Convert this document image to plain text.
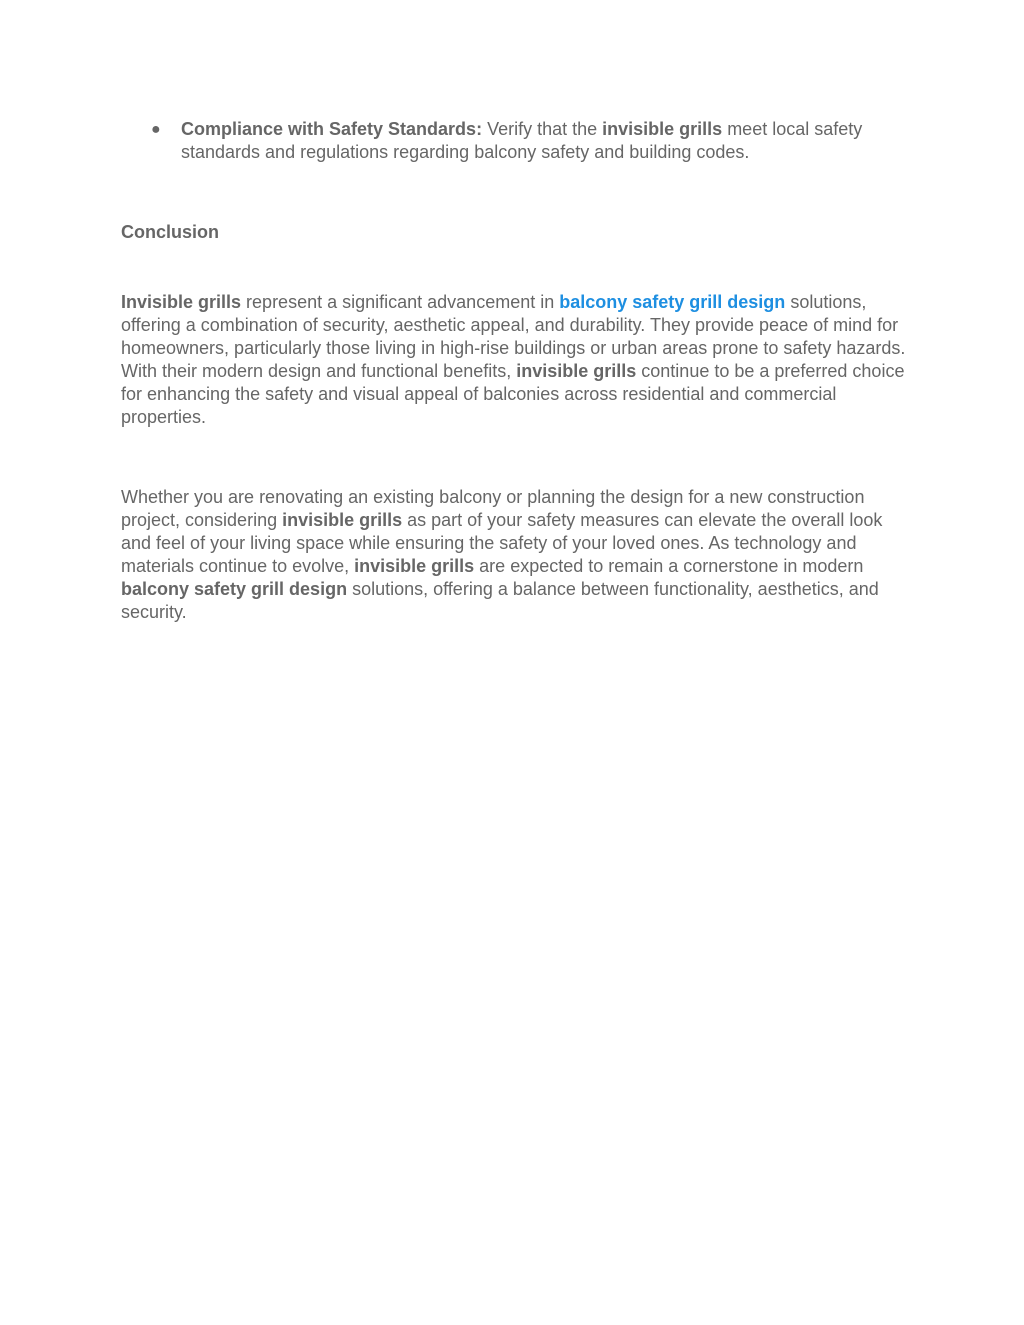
● Compliance with Safety Standards: Verify that the invisible grills meet local safety standards and regulations regarding balcony safety and building codes.
Conclusion

Invisible grills represent a significant advancement in balcony safety grill design solutions, offering a combination of security, aesthetic appeal, and durability. They provide peace of mind for homeowners, particularly those living in high-rise buildings or urban areas prone to safety hazards. With their modern design and functional benefits, invisible grills continue to be a preferred choice for enhancing the safety and visual appeal of balconies across residential and commercial properties.

Whether you are renovating an existing balcony or planning the design for a new construction project, considering invisible grills as part of your safety measures can elevate the overall look and feel of your living space while ensuring the safety of your loved ones. As technology and materials continue to evolve, invisible grills are expected to remain a cornerstone in modern balcony safety grill design solutions, offering a balance between functionality, aesthetics, and security.
